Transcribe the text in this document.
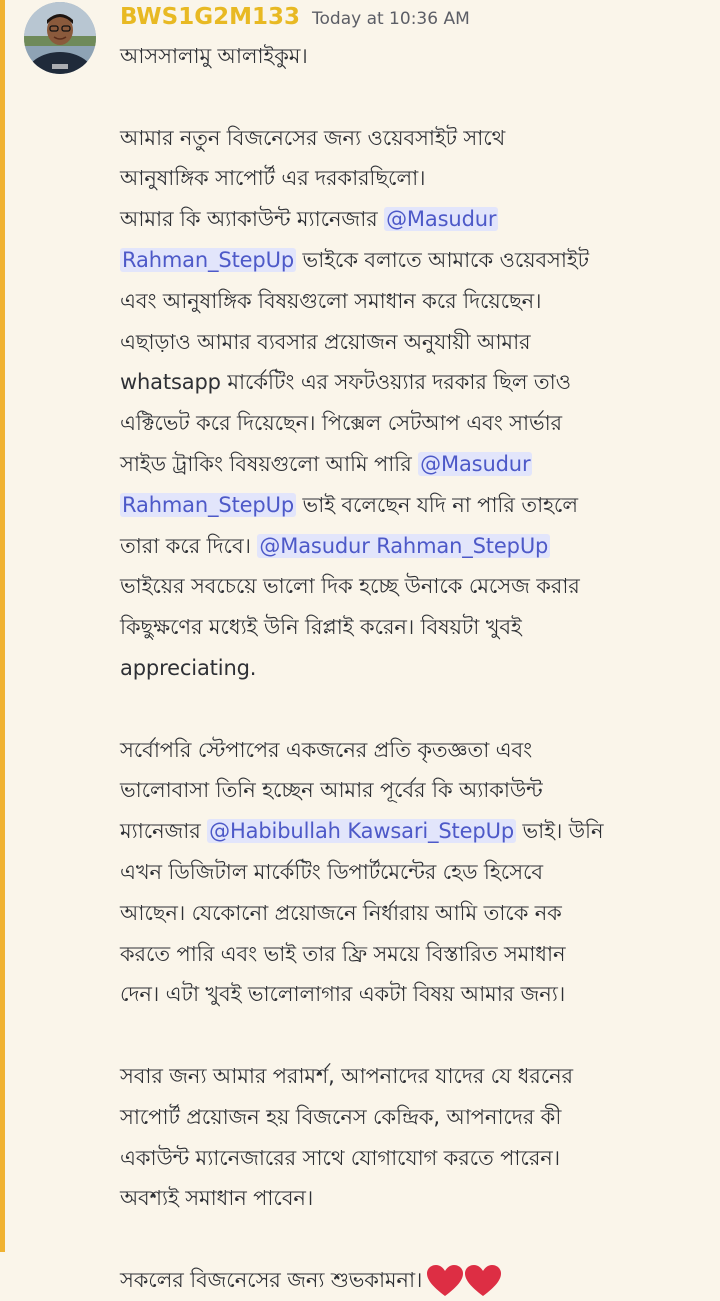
BWS1G2M133 Today at 10:36 AM
আসসালামু আলাইকুম।
আমার নতুন বিজনেসের জন্য ওয়েবসাইট সাথে
আনুষাঙ্গিক সাপোর্ট এর দরকারছিলো।
আমার কি অ্যাকাউন্ট ম্যানেজার @Masudur
Rahman_StepUp ভাইকে বলাতে আমাকে ওয়েবসাইট
এবং আনুষাঙ্গিক বিষয়গুলো সমাধান করে দিয়েছেন।
এছাড়াও আমার ব্যবসার প্রয়োজন অনুযায়ী আমার
whatsapp মার্কেটিং এর সফটওয়্যার দরকার ছিল তাও
এক্টিভেট করে দিয়েছেন। পিক্সেল সেটআপ এবং সার্ভার
সাইড ট্রাকিং বিষয়গুলো আমি পারি @Masudur
Rahman_StepUp ভাই বলেছেন যদি না পারি তাহলে
তারা করে দিবে। @Masudur Rahman_StepUp
ভাইয়ের সবচেয়ে ভালো দিক হচ্ছে উনাকে মেসেজ করার
কিছুক্ষণের মধ্যেই উনি রিপ্লাই করেন। বিষয়টা খুবই
appreciating.
সর্বোপরি স্টেপাপের একজনের প্রতি কৃতজ্ঞতা এবং
ভালোবাসা তিনি হচ্ছেন আমার পূর্বের কি অ্যাকাউন্ট
ম্যানেজার @Habibullah Kawsari_StepUp ভাই। উনি
এখন ডিজিটাল মার্কেটিং ডিপার্টমেন্টের হেড হিসেবে
আছেন। যেকোনো প্রয়োজনে নির্ধারায় আমি তাকে নক
করতে পারি এবং ভাই তার ফ্রি সময়ে বিস্তারিত সমাধান
দেন। এটা খুবই ভালোলাগার একটা বিষয় আমার জন্য।
সবার জন্য আমার পরামর্শ, আপনাদের যাদের যে ধরনের
সাপোর্ট প্রয়োজন হয় বিজনেস কেন্দ্রিক, আপনাদের কী
একাউন্ট ম্যানেজারের সাথে যোগাযোগ করতে পারেন।
অবশ্যই সমাধান পাবেন।
সকলের বিজনেসের জন্য শুভকামনা।
